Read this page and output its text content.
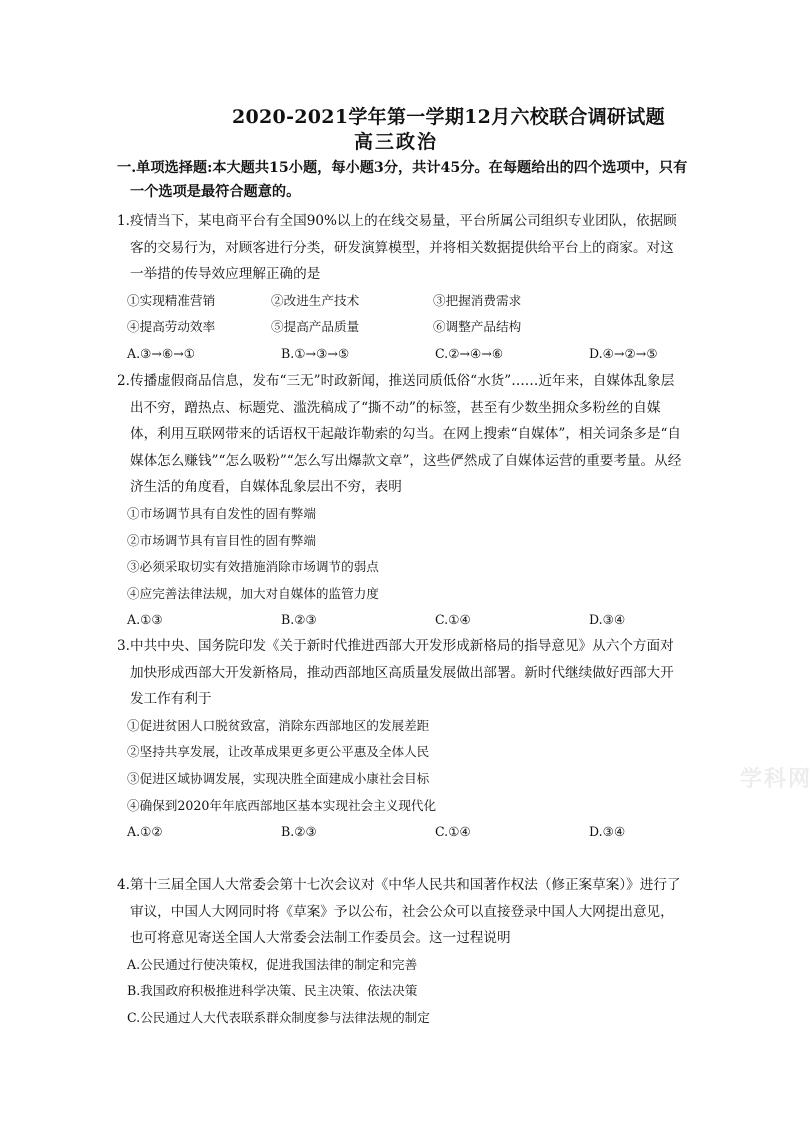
2020-2021学年第一学期12月六校联合调研试题
高三政治
一.单项选择题:本大题共15小题，每小题3分，共计45分。在每题给出的四个选项中，只有一个选项是最符合题意的。
1.疫情当下，某电商平台有全国90%以上的在线交易量，平台所属公司组织专业团队，依据顾客的交易行为，对顾客进行分类，研发演算模型，并将相关数据提供给平台上的商家。对这一举措的传导效应理解正确的是
①实现精准营销	②改进生产技术	③把握消费需求
④提高劳动效率	⑤提高产品质量	⑥调整产品结构
A.③→⑥→①	B.①→③→⑤	C.②→④→⑥	D.④→②→⑤
2.传播虚假商品信息，发布“三无”时政新闻，推送同质低俗“水货”……近年来，自媒体乱象层出不穷，蹭热点、标题党、滥洗稿成了“撕不动”的标签，甚至有少数坐拥众多粉丝的自媒体，利用互联网带来的话语权干起敲诈勒索的勾当。在网上搜索“自媒体”，相关词条多是“自媒体怎么赚钱”“怎么吸粉”“怎么写出爆款文章”，这些俨然成了自媒体运营的重要考量。从经济生活的角度看，自媒体乱象层出不穷，表明
①市场调节具有自发性的固有弊端
②市场调节具有盲目性的固有弊端
③必须采取切实有效措施消除市场调节的弱点
④应完善法律法规，加大对自媒体的监管力度
A.①③	B.②③	C.①④	D.③④
3.中共中央、国务院印发《关于新时代推进西部大开发形成新格局的指导意见》从六个方面对加快形成西部大开发新格局，推动西部地区高质量发展做出部署。新时代继续做好西部大开发工作有利于
①促进贫困人口脱贫致富，消除东西部地区的发展差距
②坚持共享发展，让改革成果更多更公平惠及全体人民
③促进区域协调发展，实现决胜全面建成小康社会目标
④确保到2020年年底西部地区基本实现社会主义现代化
A.①②	B.②③	C.①④	D.③④
4.第十三届全国人大常委会第十七次会议对《中华人民共和国著作权法（修正案草案）》进行了审议，中国人大网同时将《草案》予以公布，社会公众可以直接登录中国人大网提出意见，也可将意见寄送全国人大常委会法制工作委员会。这一过程说明
A.公民通过行使决策权，促进我国法律的制定和完善
B.我国政府积极推进科学决策、民主决策、依法决策
C.公民通过人大代表联系群众制度参与法律法规的制定
学科网
